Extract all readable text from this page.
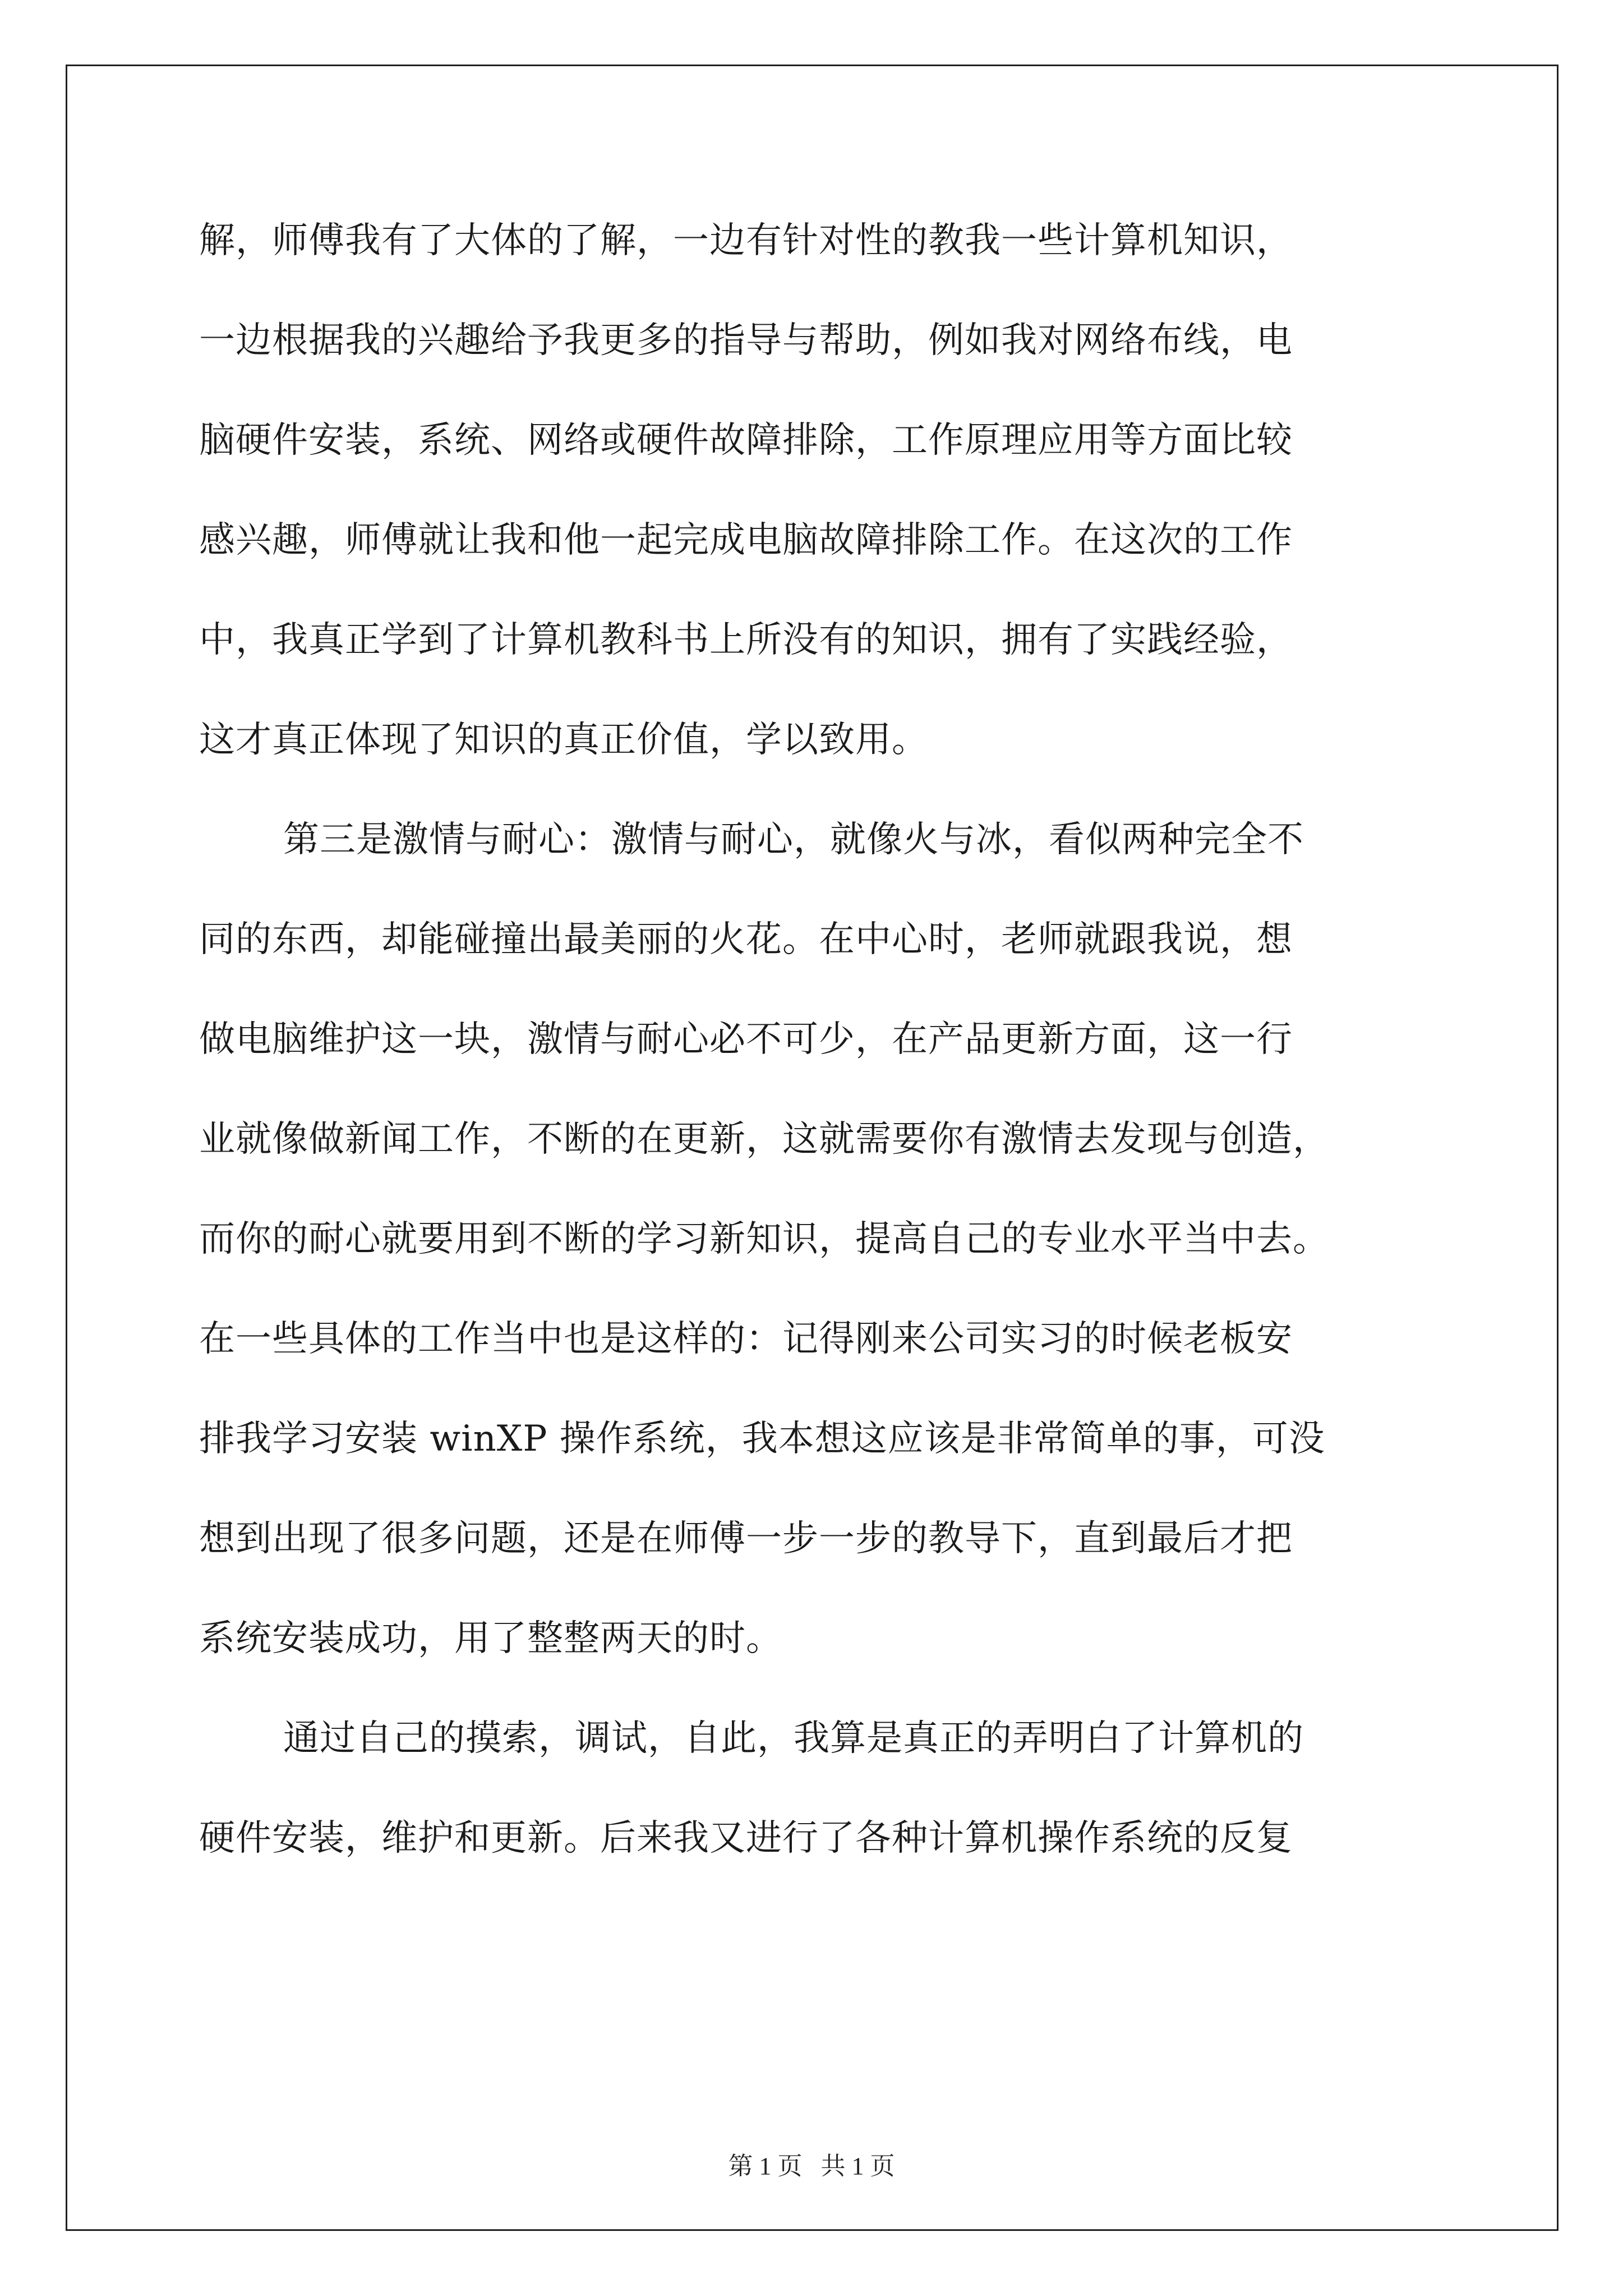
解，师傅我有了大体的了解，一边有针对性的教我一些计算机知识，
一边根据我的兴趣给予我更多的指导与帮助，例如我对网络布线，电
脑硬件安装，系统、网络或硬件故障排除，工作原理应用等方面比较
感兴趣，师傅就让我和他一起完成电脑故障排除工作。在这次的工作
中，我真正学到了计算机教科书上所没有的知识，拥有了实践经验，
这才真正体现了知识的真正价值，学以致用。
第三是激情与耐心：激情与耐心，就像火与冰，看似两种完全不
同的东西，却能碰撞出最美丽的火花。在中心时，老师就跟我说，想
做电脑维护这一块，激情与耐心必不可少，在产品更新方面，这一行
业就像做新闻工作，不断的在更新，这就需要你有激情去发现与创造，
而你的耐心就要用到不断的学习新知识，提高自己的专业水平当中去。
在一些具体的工作当中也是这样的：记得刚来公司实习的时候老板安
排我学习安装 winXP 操作系统，我本想这应该是非常简单的事，可没
想到出现了很多问题，还是在师傅一步一步的教导下，直到最后才把
系统安装成功，用了整整两天的时。
通过自己的摸索，调试，自此，我算是真正的弄明白了计算机的
硬件安装，维护和更新。后来我又进行了各种计算机操作系统的反复
第 1 页   共 1 页
